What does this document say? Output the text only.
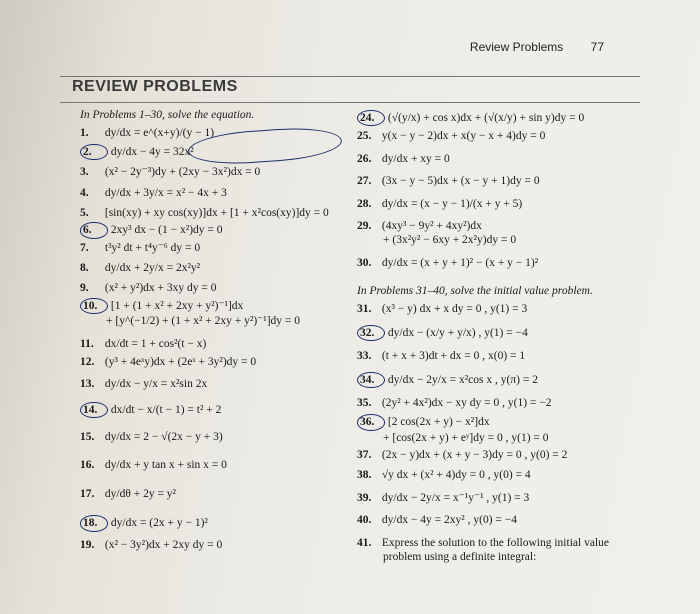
Review Problems 77
REVIEW PROBLEMS
In Problems 1–30, solve the equation.
1. dy/dx = e^(x+y)/(y − 1)
2. dy/dx − 4y = 32x²
3. (x² − 2y⁻³)dy + (2xy − 3x²)dx = 0
4. dy/dx + 3y/x = x² − 4x + 3
5. [sin(xy) + xy cos(xy)]dx + [1 + x²cos(xy)]dy = 0
6. 2xy³ dx − (1 − x²)dy = 0
7. t³y² dt + t⁴y⁻⁶ dy = 0
8. dy/dx + 2y/x = 2x²y²
9. (x² + y²)dx + 3xy dy = 0
10. [1 + (1 + x² + 2xy + y²)⁻¹]dx
+ [y^(−1/2) + (1 + x² + 2xy + y²)⁻¹]dy = 0
11. dx/dt = 1 + cos²(t − x)
12. (y³ + 4eˣy)dx + (2eˣ + 3y²)dy = 0
13. dy/dx − y/x = x²sin 2x
14. dx/dt − x/(t − 1) = t² + 2
15. dy/dx = 2 − √(2x − y + 3)
16. dy/dx + y tan x + sin x = 0
17. dy/dθ + 2y = y²
18. dy/dx = (2x + y − 1)²
19. (x² − 3y²)dx + 2xy dy = 0
24. (√(y/x) + cos x)dx + (√(x/y) + sin y)dy = 0
25. y(x − y − 2)dx + x(y − x + 4)dy = 0
26. dy/dx + xy = 0
27. (3x − y − 5)dx + (x − y + 1)dy = 0
28. dy/dx = (x − y − 1)/(x + y + 5)
29. (4xy³ − 9y² + 4xy²)dx
+ (3x²y² − 6xy + 2x²y)dy = 0
30. dy/dx = (x + y + 1)² − (x + y − 1)²
In Problems 31–40, solve the initial value problem.
31. (x³ − y) dx + x dy = 0 , y(1) = 3
32. dy/dx − (x/y + y/x) , y(1) = −4
33. (t + x + 3)dt + dx = 0 , x(0) = 1
34. dy/dx − 2y/x = x²cos x , y(π) = 2
35. (2y² + 4x²)dx − xy dy = 0 , y(1) = −2
36. [2 cos(2x + y) − x²]dx
+ [cos(2x + y) + eʸ]dy = 0 , y(1) = 0
37. (2x − y)dx + (x + y − 3)dy = 0 , y(0) = 2
38. √y dx + (x² + 4)dy = 0 , y(0) = 4
39. dy/dx − 2y/x = x⁻¹y⁻¹ , y(1) = 3
40. dy/dx − 4y = 2xy² , y(0) = −4
41. Express the solution to the following initial value
problem using a definite integral:
